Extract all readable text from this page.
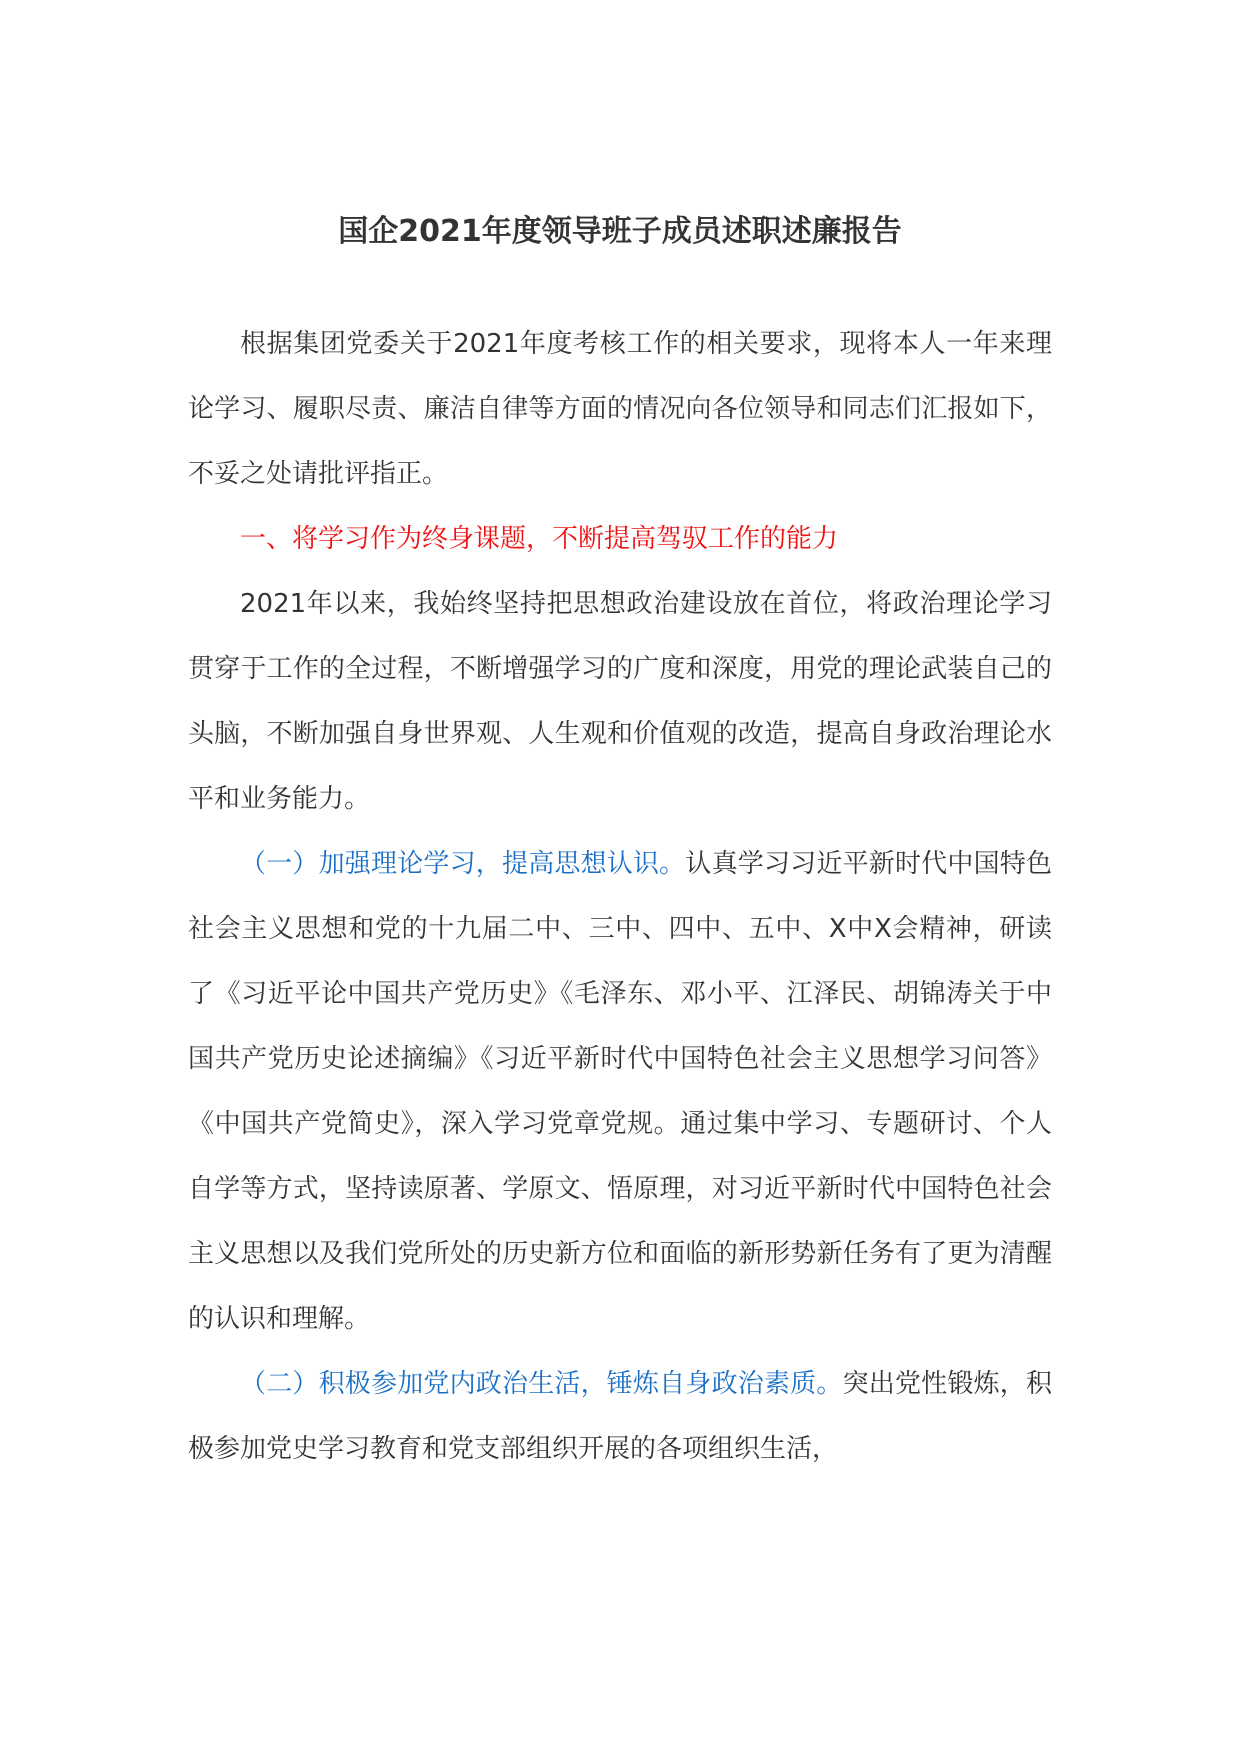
国企2021年度领导班子成员述职述廉报告

根据集团党委关于2021年度考核工作的相关要求，现将本人一年来理论学习、履职尽责、廉洁自律等方面的情况向各位领导和同志们汇报如下，不妥之处请批评指正。

一、将学习作为终身课题，不断提高驾驭工作的能力

2021年以来，我始终坚持把思想政治建设放在首位，将政治理论学习贯穿于工作的全过程，不断增强学习的广度和深度，用党的理论武装自己的头脑，不断加强自身世界观、人生观和价值观的改造，提高自身政治理论水平和业务能力。

（一）加强理论学习，提高思想认识。认真学习习近平新时代中国特色社会主义思想和党的十九届二中、三中、四中、五中、X中X会精神，研读了《习近平论中国共产党历史》《毛泽东、邓小平、江泽民、胡锦涛关于中国共产党历史论述摘编》《习近平新时代中国特色社会主义思想学习问答》《中国共产党简史》，深入学习党章党规。通过集中学习、专题研讨、个人自学等方式，坚持读原著、学原文、悟原理，对习近平新时代中国特色社会主义思想以及我们党所处的历史新方位和面临的新形势新任务有了更为清醒的认识和理解。

（二）积极参加党内政治生活，锤炼自身政治素质。突出党性锻炼，积极参加党史学习教育和党支部组织开展的各项组织生活，
